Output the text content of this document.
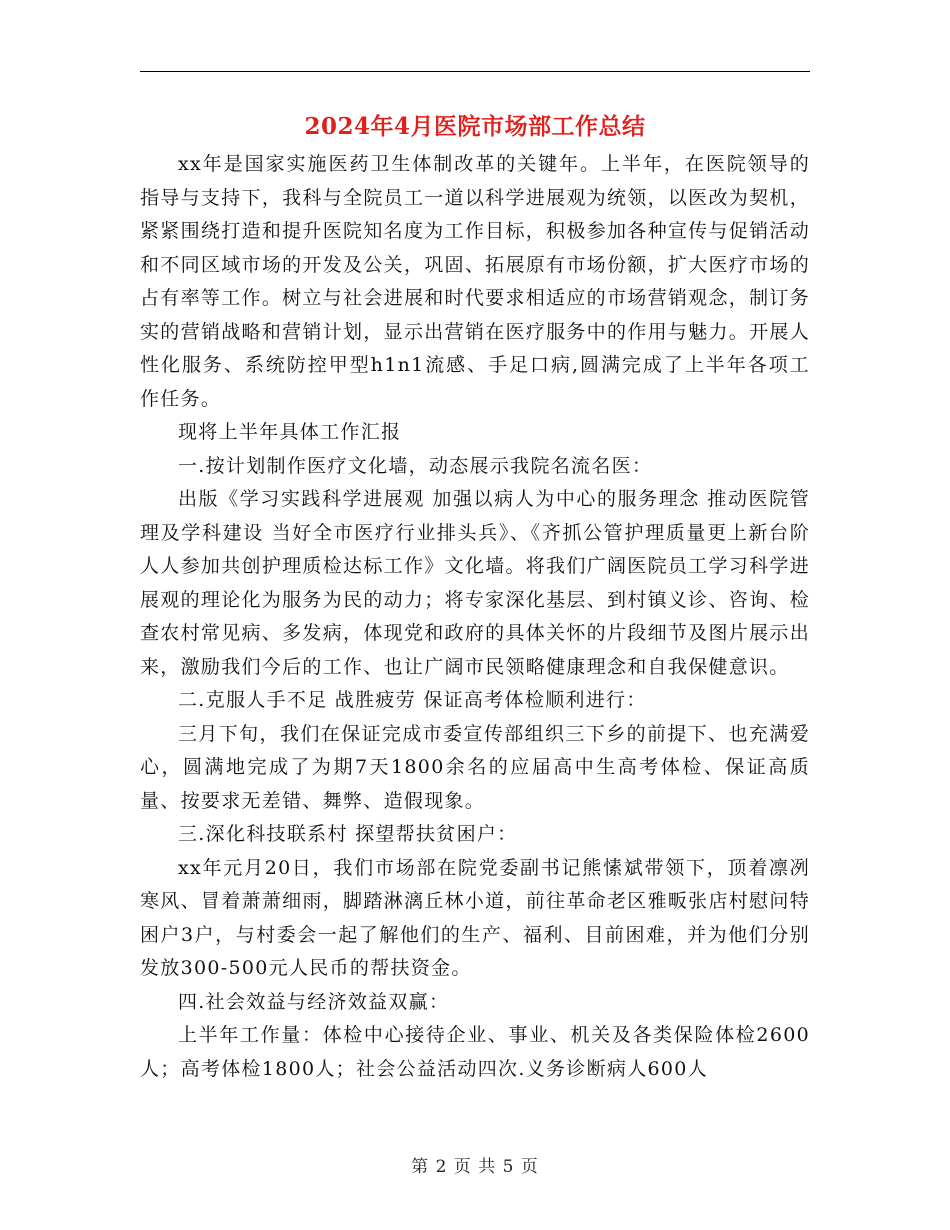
2024年4月医院市场部工作总结

xx年是国家实施医药卫生体制改革的关键年。上半年，在医院领导的指导与支持下，我科与全院员工一道以科学进展观为统领，以医改为契机，紧紧围绕打造和提升医院知名度为工作目标，积极参加各种宣传与促销活动和不同区域市场的开发及公关，巩固、拓展原有市场份额，扩大医疗市场的占有率等工作。树立与社会进展和时代要求相适应的市场营销观念，制订务实的营销战略和营销计划，显示出营销在医疗服务中的作用与魅力。开展人性化服务、系统防控甲型h1n1流感、手足口病,圆满完成了上半年各项工作任务。

现将上半年具体工作汇报

一.按计划制作医疗文化墙，动态展示我院名流名医：

出版《学习实践科学进展观 加强以病人为中心的服务理念 推动医院管理及学科建设 当好全市医疗行业排头兵》、《齐抓公管护理质量更上新台阶 人人参加共创护理质检达标工作》文化墙。将我们广阔医院员工学习科学进展观的理论化为服务为民的动力；将专家深化基层、到村镇义诊、咨询、检查农村常见病、多发病，体现党和政府的具体关怀的片段细节及图片展示出来，激励我们今后的工作、也让广阔市民领略健康理念和自我保健意识。

二.克服人手不足 战胜疲劳 保证高考体检顺利进行：

三月下旬，我们在保证完成市委宣传部组织三下乡的前提下、也充满爱心，圆满地完成了为期7天1800余名的应届高中生高考体检、保证高质量、按要求无差错、舞弊、造假现象。

三.深化科技联系村 探望帮扶贫困户：

xx年元月20日，我们市场部在院党委副书记熊愫斌带领下，顶着凛冽寒风、冒着萧萧细雨，脚踏淋漓丘林小道，前往革命老区雅畈张店村慰问特困户3户，与村委会一起了解他们的生产、福利、目前困难，并为他们分别发放300-500元人民币的帮扶资金。

四.社会效益与经济效益双赢：

上半年工作量：体检中心接待企业、事业、机关及各类保险体检2600人；高考体检1800人；社会公益活动四次.义务诊断病人600人

第 2 页 共 5 页
